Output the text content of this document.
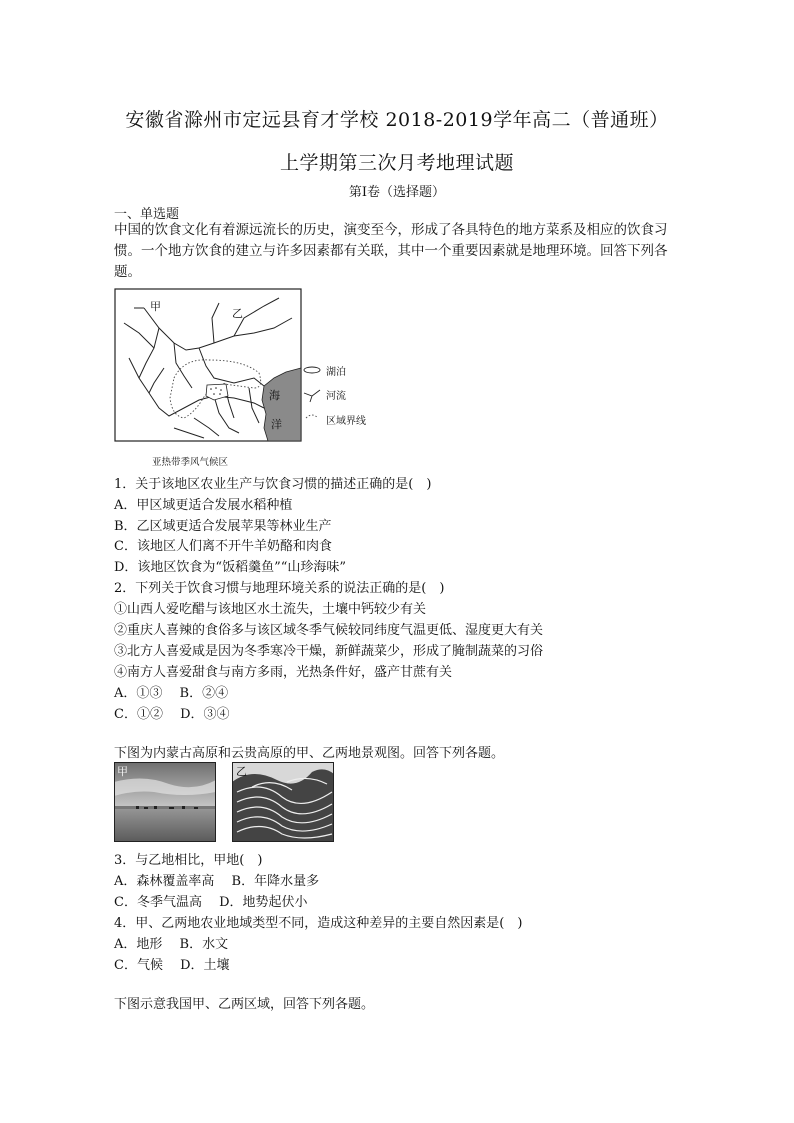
安徽省滁州市定远县育才学校 2018-2019学年高二（普通班）
上学期第三次月考地理试题
第Ⅰ卷（选择题）
一、单选题
中国的饮食文化有着源远流长的历史，演变至今，形成了各具特色的地方菜系及相应的饮食习惯。一个地方饮食的建立与许多因素都有关联，其中一个重要因素就是地理环境。回答下列各题。
甲
乙
海
洋
湖泊
河流
区域界线
亚热带季风气候区
1．关于该地区农业生产与饮食习惯的描述正确的是(　)
A．甲区域更适合发展水稻种植
B．乙区域更适合发展苹果等林业生产
C．该地区人们离不开牛羊奶酪和肉食
D．该地区饮食为“饭稻羹鱼”“山珍海味”
2．下列关于饮食习惯与地理环境关系的说法正确的是(　)
①山西人爱吃醋与该地区水土流失，土壤中钙较少有关
②重庆人喜辣的食俗多与该区域冬季气候较同纬度气温更低、湿度更大有关
③北方人喜爱咸是因为冬季寒冷干燥，新鲜蔬菜少，形成了腌制蔬菜的习俗
④南方人喜爱甜食与南方多雨，光热条件好，盛产甘蔗有关
A．①③　 B．②④
C．①②　 D．③④
下图为内蒙古高原和云贵高原的甲、乙两地景观图。回答下列各题。
甲	乙
3．与乙地相比，甲地(　)
A．森林覆盖率高　 B．年降水量多
C．冬季气温高　 D．地势起伏小
4．甲、乙两地农业地域类型不同，造成这种差异的主要自然因素是(　)
A．地形　 B．水文
C．气候　 D．土壤
下图示意我国甲、乙两区域，回答下列各题。
